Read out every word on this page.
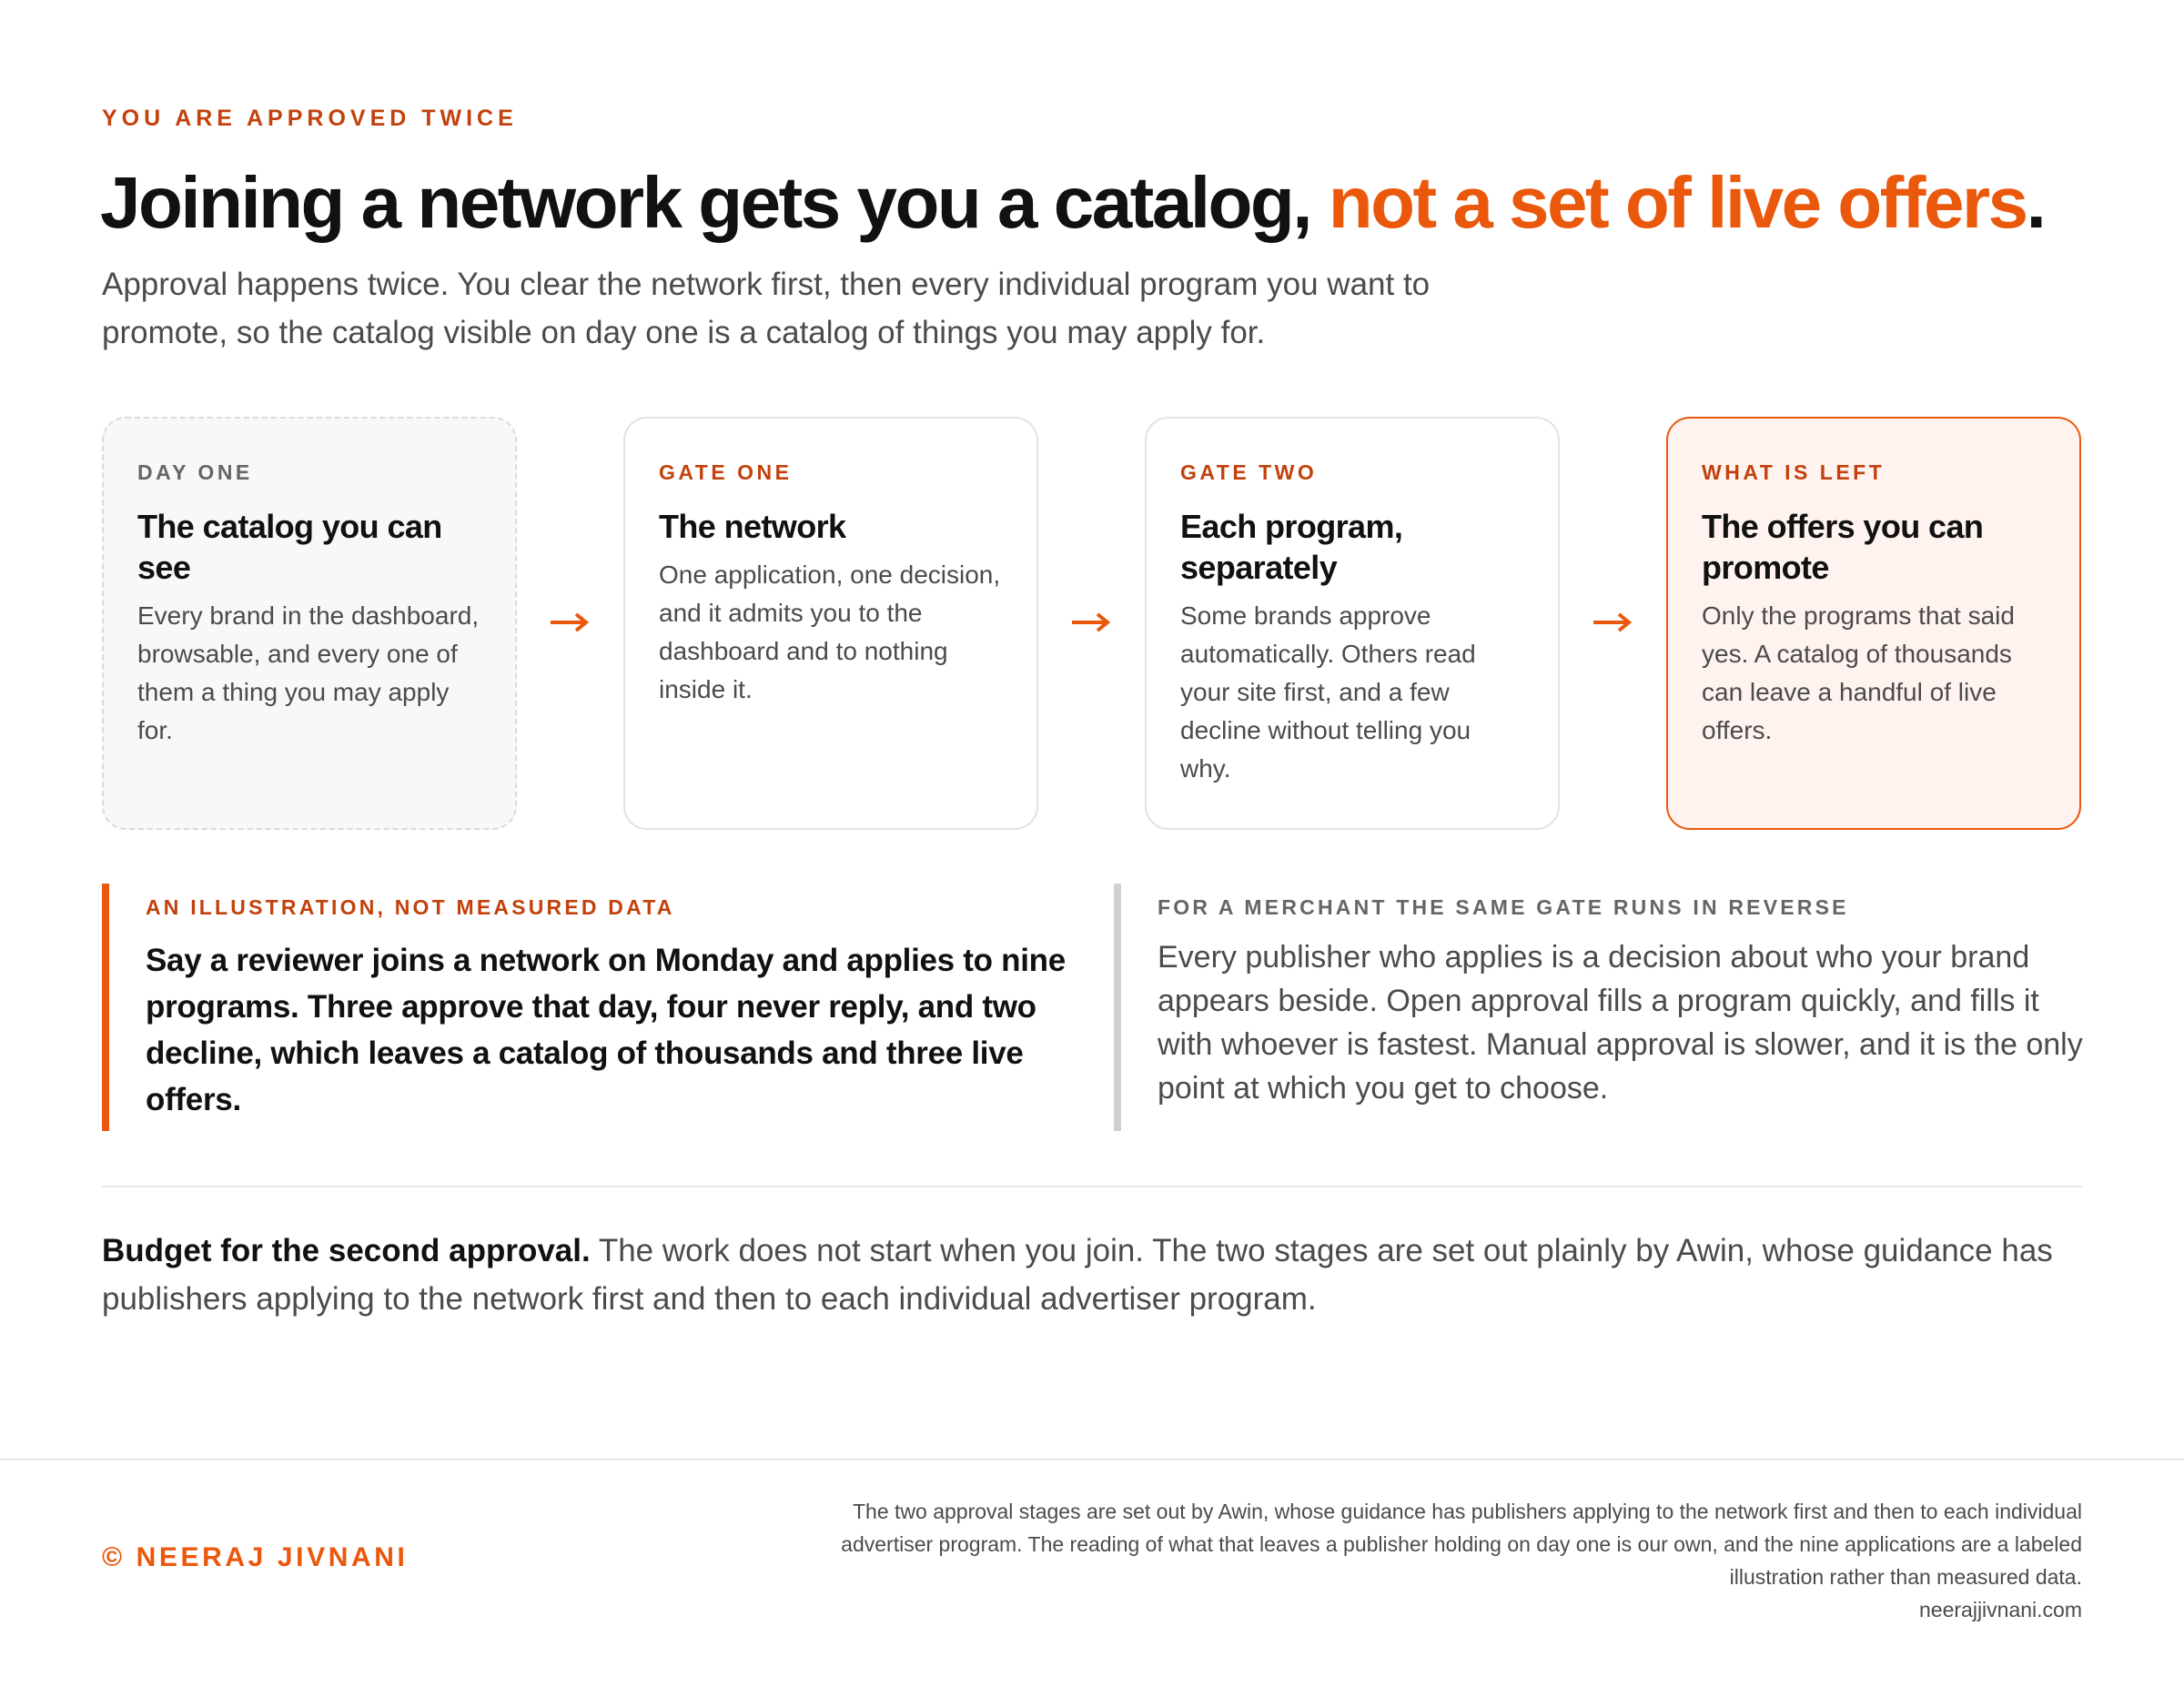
YOU ARE APPROVED TWICE
Joining a network gets you a catalog, not a set of live offers.
Approval happens twice. You clear the network first, then every individual program you want to promote, so the catalog visible on day one is a catalog of things you may apply for.
DAY ONE
The catalog you can see
Every brand in the dashboard, browsable, and every one of them a thing you may apply for.
GATE ONE
The network
One application, one decision, and it admits you to the dashboard and to nothing inside it.
GATE TWO
Each program, separately
Some brands approve automatically. Others read your site first, and a few decline without telling you why.
WHAT IS LEFT
The offers you can promote
Only the programs that said yes. A catalog of thousands can leave a handful of live offers.
AN ILLUSTRATION, NOT MEASURED DATA
Say a reviewer joins a network on Monday and applies to nine programs. Three approve that day, four never reply, and two decline, which leaves a catalog of thousands and three live offers.
FOR A MERCHANT THE SAME GATE RUNS IN REVERSE
Every publisher who applies is a decision about who your brand appears beside. Open approval fills a program quickly, and fills it with whoever is fastest. Manual approval is slower, and it is the only point at which you get to choose.
Budget for the second approval. The work does not start when you join. The two stages are set out plainly by Awin, whose guidance has publishers applying to the network first and then to each individual advertiser program.
© NEERAJ JIVNANI
The two approval stages are set out by Awin, whose guidance has publishers applying to the network first and then to each individual advertiser program. The reading of what that leaves a publisher holding on day one is our own, and the nine applications are a labeled illustration rather than measured data.
neerajjivnani.com
